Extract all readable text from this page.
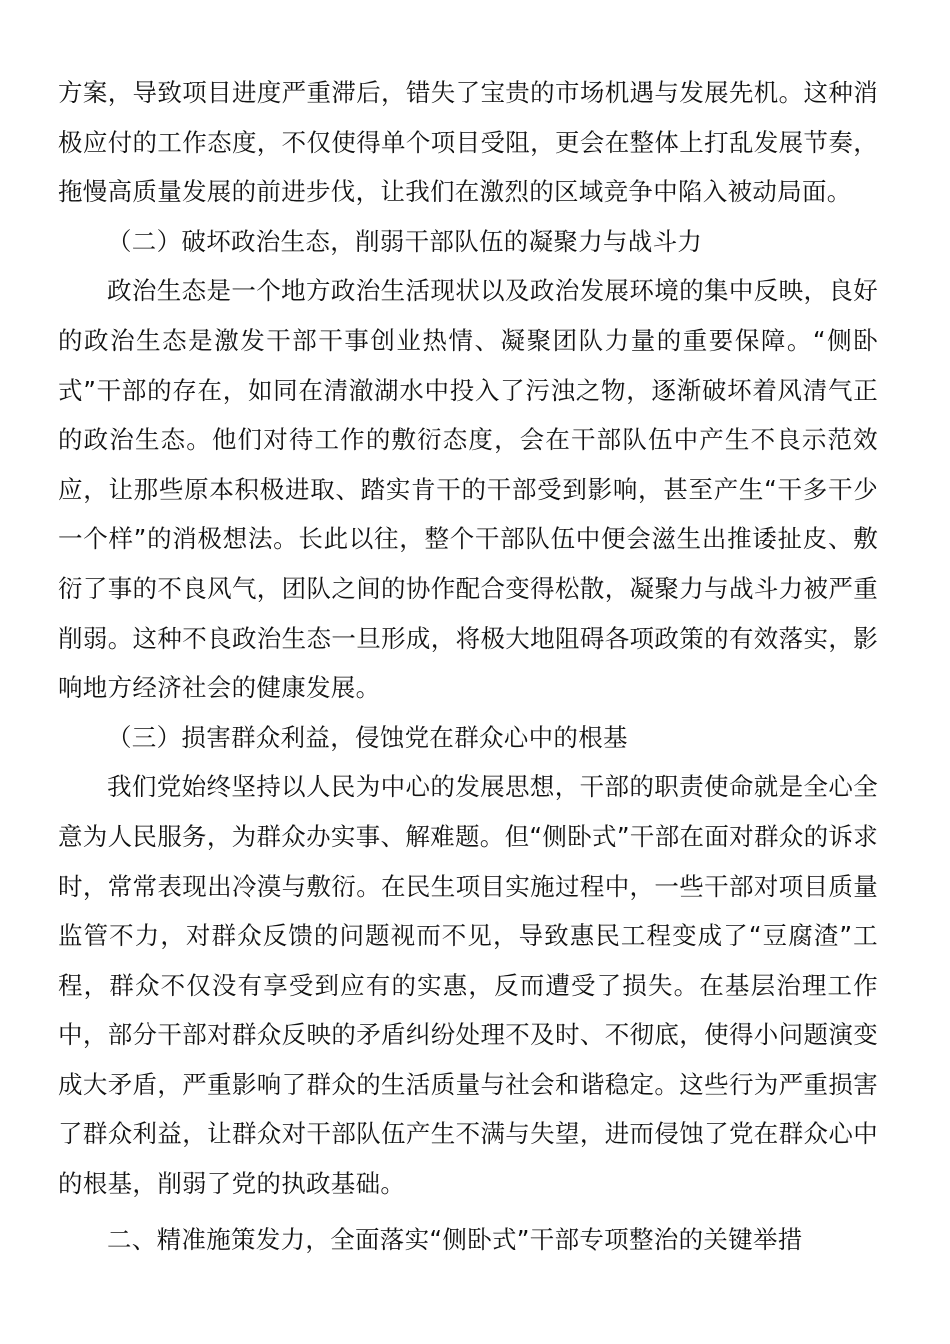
方案，导致项目进度严重滞后，错失了宝贵的市场机遇与发展先机。这种消极应付的工作态度，不仅使得单个项目受阻，更会在整体上打乱发展节奏，拖慢高质量发展的前进步伐，让我们在激烈的区域竞争中陷入被动局面。

（二）破坏政治生态，削弱干部队伍的凝聚力与战斗力

政治生态是一个地方政治生活现状以及政治发展环境的集中反映，良好的政治生态是激发干部干事创业热情、凝聚团队力量的重要保障。“侧卧式”干部的存在，如同在清澈湖水中投入了污浊之物，逐渐破坏着风清气正的政治生态。他们对待工作的敷衍态度，会在干部队伍中产生不良示范效应，让那些原本积极进取、踏实肯干的干部受到影响，甚至产生“干多干少一个样”的消极想法。长此以往，整个干部队伍中便会滋生出推诿扯皮、敷衍了事的不良风气，团队之间的协作配合变得松散，凝聚力与战斗力被严重削弱。这种不良政治生态一旦形成，将极大地阻碍各项政策的有效落实，影响地方经济社会的健康发展。

（三）损害群众利益，侵蚀党在群众心中的根基

我们党始终坚持以人民为中心的发展思想，干部的职责使命就是全心全意为人民服务，为群众办实事、解难题。但“侧卧式”干部在面对群众的诉求时，常常表现出冷漠与敷衍。在民生项目实施过程中，一些干部对项目质量监管不力，对群众反馈的问题视而不见，导致惠民工程变成了“豆腐渣”工程，群众不仅没有享受到应有的实惠，反而遭受了损失。在基层治理工作中，部分干部对群众反映的矛盾纠纷处理不及时、不彻底，使得小问题演变成大矛盾，严重影响了群众的生活质量与社会和谐稳定。这些行为严重损害了群众利益，让群众对干部队伍产生不满与失望，进而侵蚀了党在群众心中的根基，削弱了党的执政基础。

二、精准施策发力，全面落实“侧卧式”干部专项整治的关键举措
